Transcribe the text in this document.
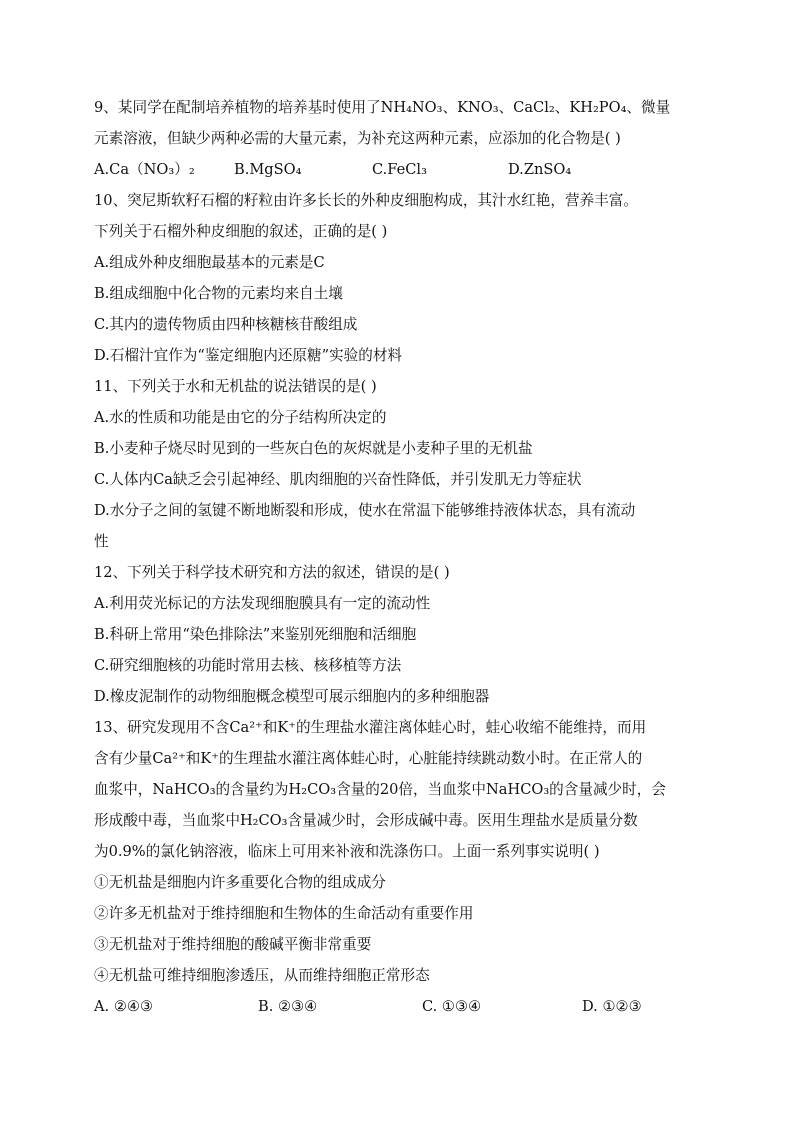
9、某同学在配制培养植物的培养基时使用了NH₄NO₃、KNO₃、CaCl₂、KH₂PO₄、微量
元素溶液，但缺少两种必需的大量元素，为补充这两种元素，应添加的化合物是( )
A.Ca（NO₃）₂	B.MgSO₄	C.FeCl₃	D.ZnSO₄
10、突尼斯软籽石榴的籽粒由许多长长的外种皮细胞构成，其汁水红艳，营养丰富。
下列关于石榴外种皮细胞的叙述，正确的是( )
A.组成外种皮细胞最基本的元素是C
B.组成细胞中化合物的元素均来自土壤
C.其内的遗传物质由四种核糖核苷酸组成
D.石榴汁宜作为“鉴定细胞内还原糖”实验的材料
11、下列关于水和无机盐的说法错误的是( )
A.水的性质和功能是由它的分子结构所决定的
B.小麦种子烧尽时见到的一些灰白色的灰烬就是小麦种子里的无机盐
C.人体内Ca缺乏会引起神经、肌肉细胞的兴奋性降低，并引发肌无力等症状
D.水分子之间的氢键不断地断裂和形成，使水在常温下能够维持液体状态，具有流动
性
12、下列关于科学技术研究和方法的叙述，错误的是( )
A.利用荧光标记的方法发现细胞膜具有一定的流动性
B.科研上常用“染色排除法”来鉴别死细胞和活细胞
C.研究细胞核的功能时常用去核、核移植等方法
D.橡皮泥制作的动物细胞概念模型可展示细胞内的多种细胞器
13、研究发现用不含Ca²⁺和K⁺的生理盐水灌注离体蛙心时，蛙心收缩不能维持，而用
含有少量Ca²⁺和K⁺的生理盐水灌注离体蛙心时，心脏能持续跳动数小时。在正常人的
血浆中，NaHCO₃的含量约为H₂CO₃含量的20倍，当血浆中NaHCO₃的含量减少时，会
形成酸中毒，当血浆中H₂CO₃含量减少时，会形成碱中毒。医用生理盐水是质量分数
为0.9%的氯化钠溶液，临床上可用来补液和洗涤伤口。上面一系列事实说明( )
①无机盐是细胞内许多重要化合物的组成成分
②许多无机盐对于维持细胞和生物体的生命活动有重要作用
③无机盐对于维持细胞的酸碱平衡非常重要
④无机盐可维持细胞渗透压，从而维持细胞正常形态
A. ②④③	B. ②③④	C. ①③④	D. ①②③
